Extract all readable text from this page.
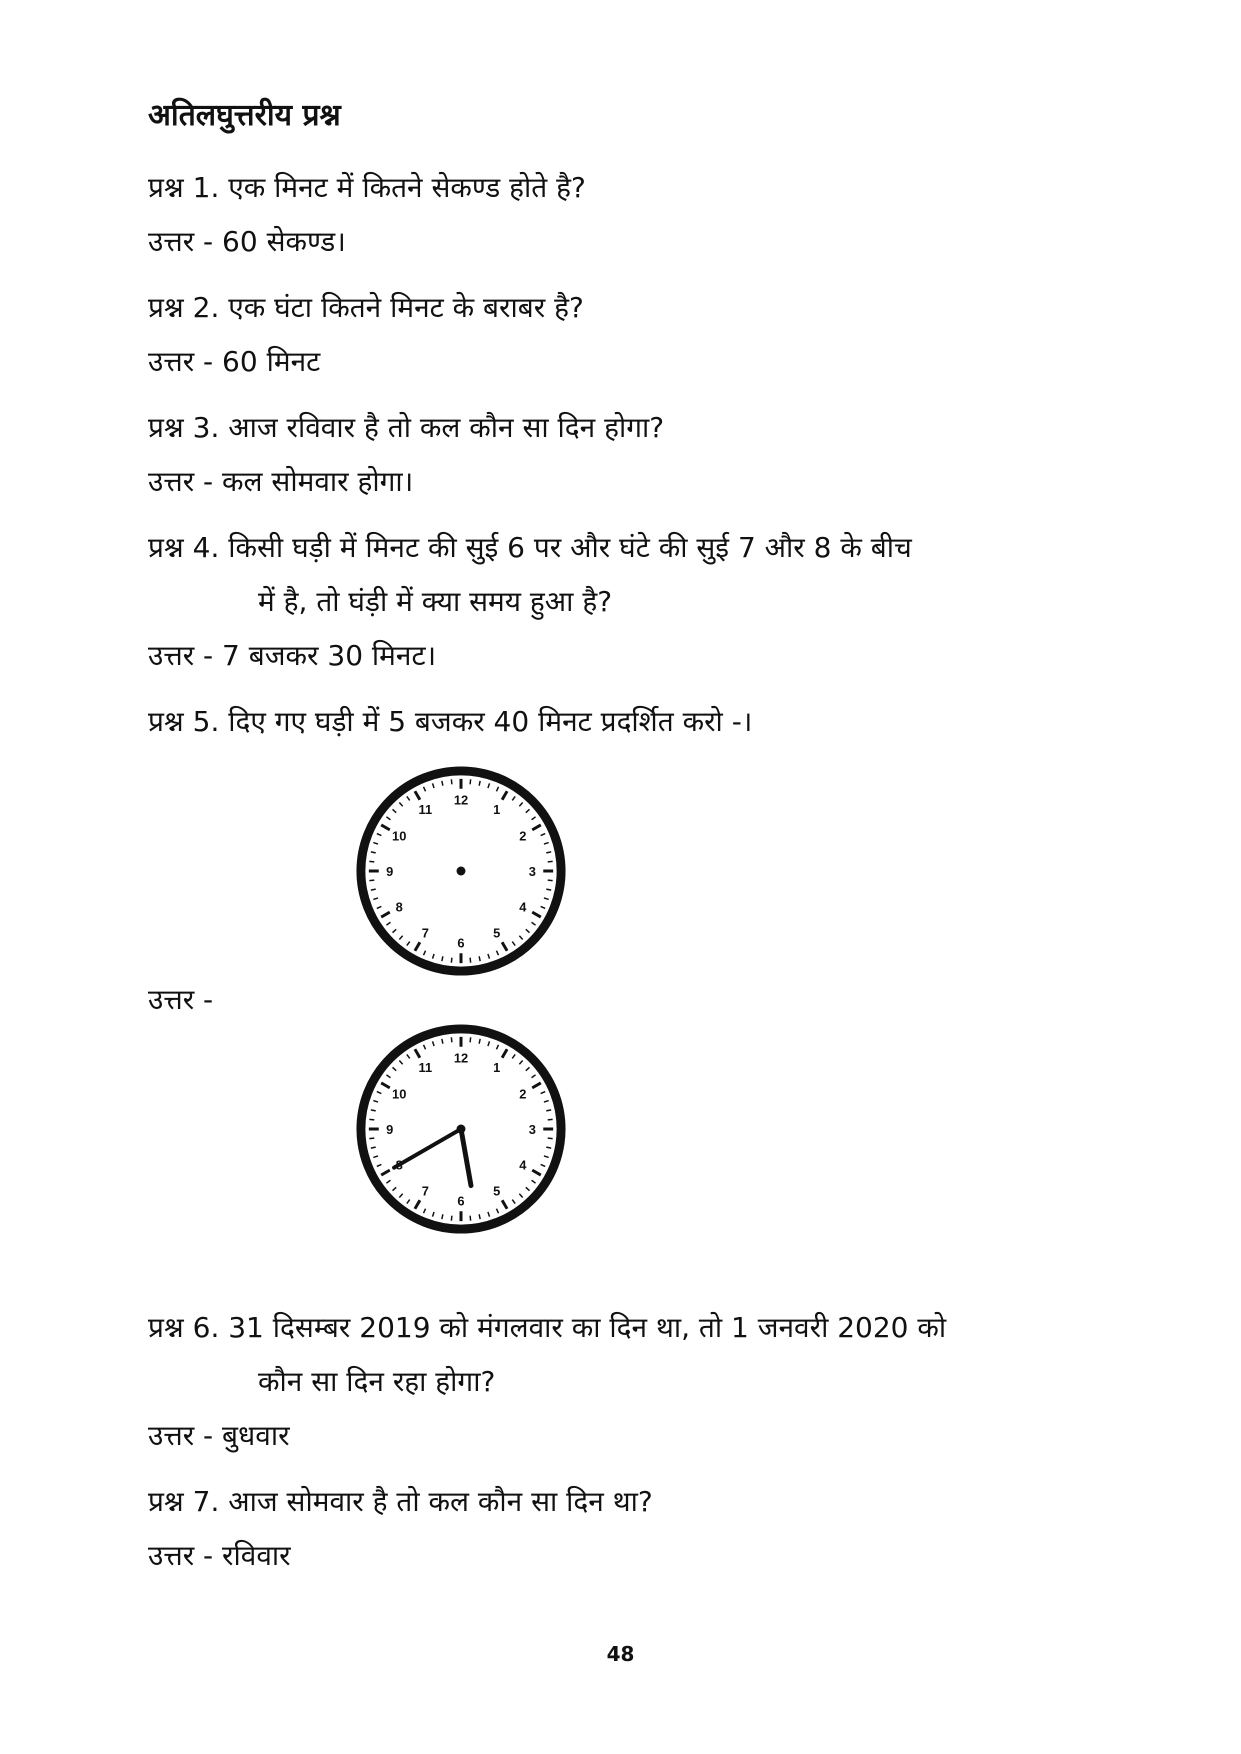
अतिलघुत्तरीय प्रश्न
प्रश्न 1. एक मिनट में कितने सेकण्ड होते है?
उत्तर - 60 सेकण्ड।
प्रश्न 2. एक घंटा कितने मिनट के बराबर है?
उत्तर - 60 मिनट
प्रश्न 3. आज रविवार है तो कल कौन सा दिन होगा?
उत्तर - कल सोमवार होगा।
प्रश्न 4. किसी घड़ी में मिनट की सुई 6 पर और घंटे की सुई 7 और 8 के बीच
में है, तो घंड़ी में क्या समय हुआ है?
उत्तर - 7 बजकर 30 मिनट।
प्रश्न 5. दिए गए घड़ी में 5 बजकर 40 मिनट प्रदर्शित करो -।
12
1
2
3
4
5
6
7
8
9
10
11
उत्तर -
12
1
2
3
4
5
6
7
9
10
11
प्रश्न 6. 31 दिसम्बर 2019 को मंगलवार का दिन था, तो 1 जनवरी 2020 को
कौन सा दिन रहा होगा?
उत्तर - बुधवार
प्रश्न 7. आज सोमवार है तो कल कौन सा दिन था?
उत्तर - रविवार
48
